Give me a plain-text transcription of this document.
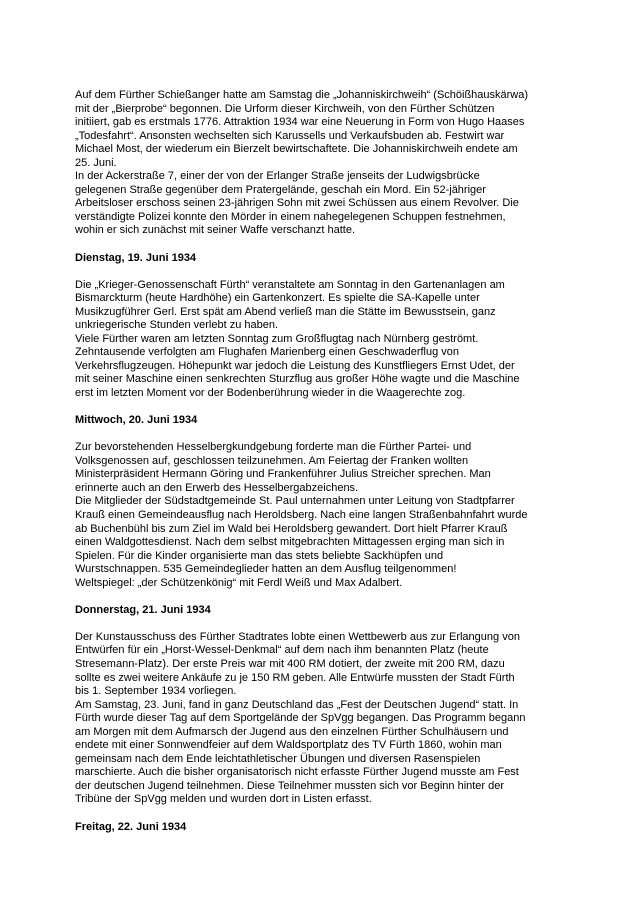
Auf dem Fürther Schießanger hatte am Samstag die „Johanniskirchweih“ (Schöißhauskärwa)
mit der „Bierprobe“ begonnen. Die Urform dieser Kirchweih, von den Fürther Schützen
initiiert, gab es erstmals 1776. Attraktion 1934 war eine Neuerung in Form von Hugo Haases
„Todesfahrt“. Ansonsten wechselten sich Karussells und Verkaufsbuden ab. Festwirt war
Michael Most, der wiederum ein Bierzelt bewirtschaftete. Die Johanniskirchweih endete am
25. Juni.
In der Ackerstraße 7, einer der von der Erlanger Straße jenseits der Ludwigsbrücke
gelegenen Straße gegenüber dem Pratergelände, geschah ein Mord. Ein 52-jähriger
Arbeitsloser erschoss seinen 23-jährigen Sohn mit zwei Schüssen aus einem Revolver. Die
verständigte Polizei konnte den Mörder in einem nahegelegenen Schuppen festnehmen,
wohin er sich zunächst mit seiner Waffe verschanzt hatte.
Dienstag, 19. Juni 1934
Die „Krieger-Genossenschaft Fürth“ veranstaltete am Sonntag in den Gartenanlagen am
Bismarckturm (heute Hardhöhe) ein Gartenkonzert. Es spielte die SA-Kapelle unter
Musikzugführer Gerl. Erst spät am Abend verließ man die Stätte im Bewusstsein, ganz
unkriegerische Stunden verlebt zu haben.
Viele Fürther waren am letzten Sonntag zum Großflugtag nach Nürnberg geströmt.
Zehntausende verfolgten am Flughafen Marienberg einen Geschwaderflug von
Verkehrsflugzeugen. Höhepunkt war jedoch die Leistung des Kunstfliegers Ernst Udet, der
mit seiner Maschine einen senkrechten Sturzflug aus großer Höhe wagte und die Maschine
erst im letzten Moment vor der Bodenberührung wieder in die Waagerechte zog.
Mittwoch, 20. Juni 1934
Zur bevorstehenden Hesselbergkundgebung forderte man die Fürther Partei- und
Volksgenossen auf, geschlossen teilzunehmen. Am Feiertag der Franken wollten
Ministerpräsident Hermann Göring und Frankenführer Julius Streicher sprechen. Man
erinnerte auch an den Erwerb des Hesselbergabzeichens.
Die Mitglieder der Südstadtgemeinde St. Paul unternahmen unter Leitung von Stadtpfarrer
Krauß einen Gemeindeausflug nach Heroldsberg. Nach eine langen Straßenbahnfahrt wurde
ab Buchenbühl bis zum Ziel im Wald bei Heroldsberg gewandert. Dort hielt Pfarrer Krauß
einen Waldgottesdienst. Nach dem selbst mitgebrachten Mittagessen erging man sich in
Spielen. Für die Kinder organisierte man das stets beliebte Sackhüpfen und
Wurstschnappen. 535 Gemeindeglieder hatten an dem Ausflug teilgenommen!
Weltspiegel: „der Schützenkönig“ mit Ferdl Weiß und Max Adalbert.
Donnerstag, 21. Juni 1934
Der Kunstausschuss des Fürther Stadtrates lobte einen Wettbewerb aus zur Erlangung von
Entwürfen für ein „Horst-Wessel-Denkmal“ auf dem nach ihm benannten Platz (heute
Stresemann-Platz). Der erste Preis war mit 400 RM dotiert, der zweite mit 200 RM, dazu
sollte es zwei weitere Ankäufe zu je 150 RM geben. Alle Entwürfe mussten der Stadt Fürth
bis 1. September 1934 vorliegen.
Am Samstag, 23. Juni, fand in ganz Deutschland das „Fest der Deutschen Jugend“ statt. In
Fürth wurde dieser Tag auf dem Sportgelände der SpVgg begangen. Das Programm begann
am Morgen mit dem Aufmarsch der Jugend aus den einzelnen Fürther Schulhäusern und
endete mit einer Sonnwendfeier auf dem Waldsportplatz des TV Fürth 1860, wohin man
gemeinsam nach dem Ende leichtathletischer Übungen und diversen Rasenspielen
marschierte. Auch die bisher organisatorisch nicht erfasste Fürther Jugend musste am Fest
der deutschen Jugend teilnehmen. Diese Teilnehmer mussten sich vor Beginn hinter der
Tribüne der SpVgg melden und wurden dort in Listen erfasst.
Freitag, 22. Juni 1934
